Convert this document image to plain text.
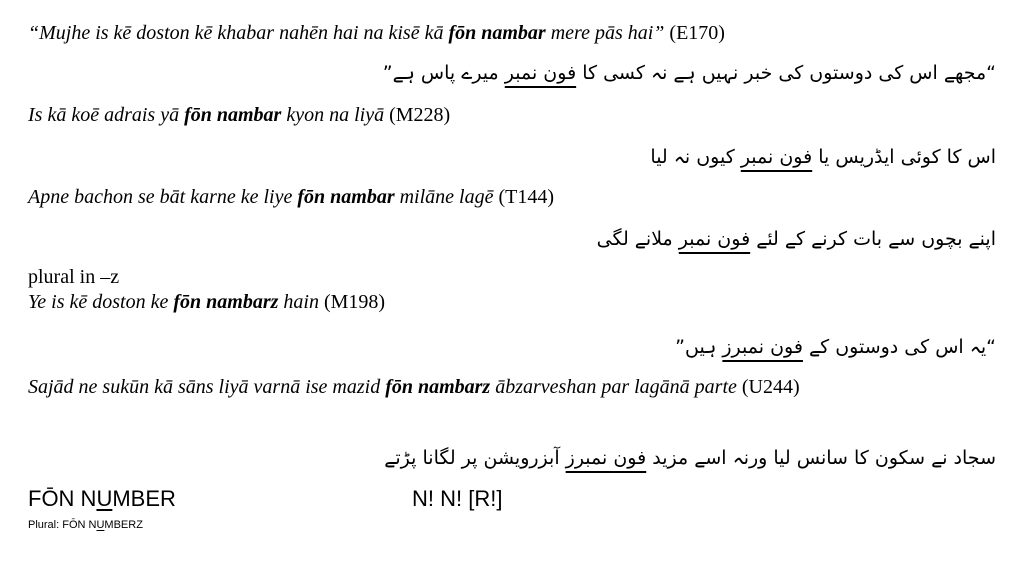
“Mujhe is kē doston kē khabar nahēn hai na kisē kā fōn nambar mere pās hai” (E170)
“مجھے اس کی دوستوں کی خبر نہیں ہے نہ کسی کا فون نمبر میرے پاس ہے”
Is kā koē adrais yā fōn nambar kyon na liyā (M228)
اس کا کوئی ایڈریس یا فون نمبر کیوں نہ لیا
Apne bachon se bāt karne ke liye fōn nambar milāne lagē (T144)
اپنے بچوں سے بات کرنے کے لئے فون نمبر ملانے لگی
plural in –z
Ye is kē doston ke fōn nambarz hain (M198)
“یہ اس کی دوستوں کے فون نمبرز ہیں”
Sajād ne sukūn kā sāns liyā varnā ise mazid fōn nambarz ābzarveshan par lagānā parte (U244)
سجاد نے سکون کا سانس لیا ورنہ اسے مزید فون نمبرز آبزرویشن پر لگانا پڑتے
FŌN NUMBER	N! N! [R!]
Plural: FŌN NUMBERZ
